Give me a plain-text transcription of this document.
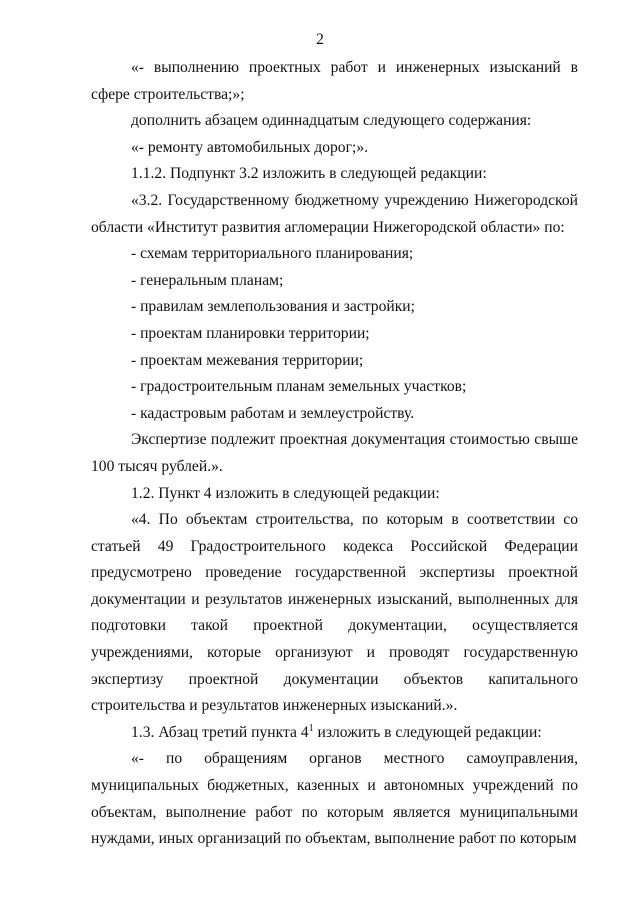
2

«- выполнению проектных работ и инженерных изысканий в сфере строительства;»;

дополнить абзацем одиннадцатым следующего содержания:

«- ремонту автомобильных дорог;».

1.1.2. Подпункт 3.2 изложить в следующей редакции:

«3.2. Государственному бюджетному учреждению Нижегородской области «Институт развития агломерации Нижегородской области» по:

- схемам территориального планирования;

- генеральным планам;

- правилам землепользования и застройки;

- проектам планировки территории;

- проектам межевания территории;

- градостроительным планам земельных участков;

- кадастровым работам и землеустройству.

Экспертизе подлежит проектная документация стоимостью свыше 100 тысяч рублей.».

1.2. Пункт 4 изложить в следующей редакции:

«4. По объектам строительства, по которым в соответствии со статьей 49 Градостроительного кодекса Российской Федерации предусмотрено проведение государственной экспертизы проектной документации и результатов инженерных изысканий, выполненных для подготовки такой проектной документации, осуществляется учреждениями, которые организуют и проводят государственную экспертизу проектной документации объектов капитального строительства и результатов инженерных изысканий.».

1.3. Абзац третий пункта $4^1$ изложить в следующей редакции:

«- по обращениям органов местного самоуправления, муниципальных бюджетных, казенных и автономных учреждений по объектам, выполнение работ по которым является муниципальными нуждами, иных организаций по объектам, выполнение работ по которым
